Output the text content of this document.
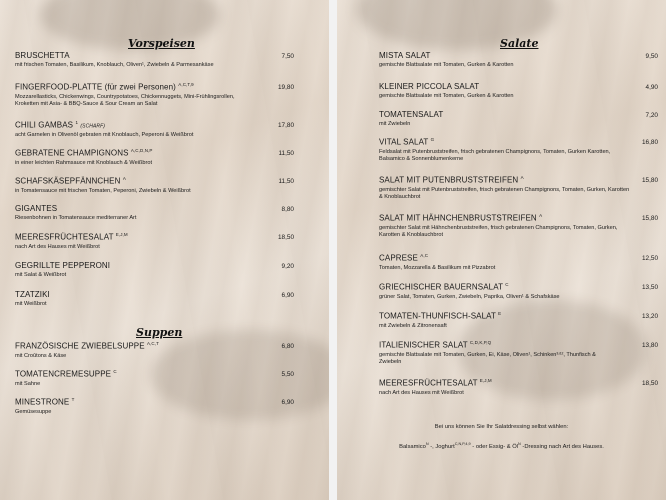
Vorspeisen
BRUSCHETTA
mit frischen Tomaten, Basilikum, Knoblauch, Oliven¹, Zwiebeln & Parmesankäse
7,50
FINGERFOOD-PLATTE (für zwei Personen) $^{A,C,T,9}$
Mozzarellasticks, Chickenwings, Countrypotatoes, Chickennuggets, Mini-Frühlingsrollen, Kroketten mit Asia- & BBQ-Sauce & Sour Cream an Salat
19,80
CHILI GAMBAS $^1$ (SCHARF)
acht Garnelen in Olivenöl gebraten mit Knoblauch, Peperoni & Weißbrot
17,80
GEBRATENE CHAMPIGNONS $^{A,C,D,N,P}$
in einer leichten Rahmsauce mit Knoblauch & Weißbrot
11,50
SCHAFSKÄSEPFÄNNCHEN $^A$
in Tomatensauce mit frischen Tomaten, Peperoni, Zwiebeln & Weißbrot
11,50
GIGANTES
Riesenbohnen in Tomatensauce mediterraner Art
8,80
MEERESFRÜCHTESALAT $^{E,J,M}$
nach Art des Hauses mit Weißbrot
18,50
GEGRILLTE PEPPERONI
mit Salat & Weißbrot
9,20
TZATZIKI
mit Weißbrot
6,90
Suppen
FRANZÖSISCHE ZWIEBELSUPPE $^{A,C,T}$
mit Croûtons & Käse
6,80
TOMATENCREMESUPPE $^C$
mit Sahne
5,50
MINESTRONE $^T$
Gemüsesuppe
6,90
Salate
MISTA SALAT
gemischte Blattsalate mit Tomaten, Gurken & Karotten
9,50
KLEINER PICCOLA SALAT
gemischte Blattsalate mit Tomaten, Gurken & Karotten
4,90
TOMATENSALAT
mit Zwiebeln
7,20
VITAL SALAT $^G$
Feldsalat mit Putenbruststreifen, frisch gebratenen Champignons, Tomaten, Gurken Karotten, Balsamico & Sonnenblumenkerne
16,80
SALAT MIT PUTENBRUSTSTREIFEN $^A$
gemischter Salat mit Putenbruststreifen, frisch gebratenen Champignons, Tomaten, Gurken, Karotten & Knoblauchbrot
15,80
SALAT MIT HÄHNCHENBRUSTSTREIFEN $^A$
gemischter Salat mit Hähnchenbruststreifen, frisch gebratenen Champignons, Tomaten, Gurken, Karotten & Knoblauchbrot
15,80
CAPRESE $^{A,C}$
Tomaten, Mozzarella & Basilikum mit Pizzabrot
12,50
GRIECHISCHER BAUERNSALAT $^C$
grüner Salat, Tomaten, Gurken, Zwiebeln, Paprika, Oliven¹ & Schafskäse
13,50
TOMATEN-THUNFISCH-SALAT $^E$
mit Zwiebeln & Zitronensaft
13,20
ITALIENISCHER SALAT $^{C,D,K,P,Q}$
gemischte Blattsalate mit Tomaten, Gurken, Ei, Käse, Oliven¹, Schinken³ʴ¹², Thunfisch & Zwiebeln
13,80
MEERESFRÜCHTESALAT $^{E,J,M}$
nach Art des Hauses mit Weißbrot
18,50
Bei uns können Sie Ihr Salatdressing selbst wählen:
Balsamico$^N$ -, Joghurt$^{C,N,P,4,9}$ - oder Essig- & $Öl^N$ -Dressing nach Art des Hauses.
